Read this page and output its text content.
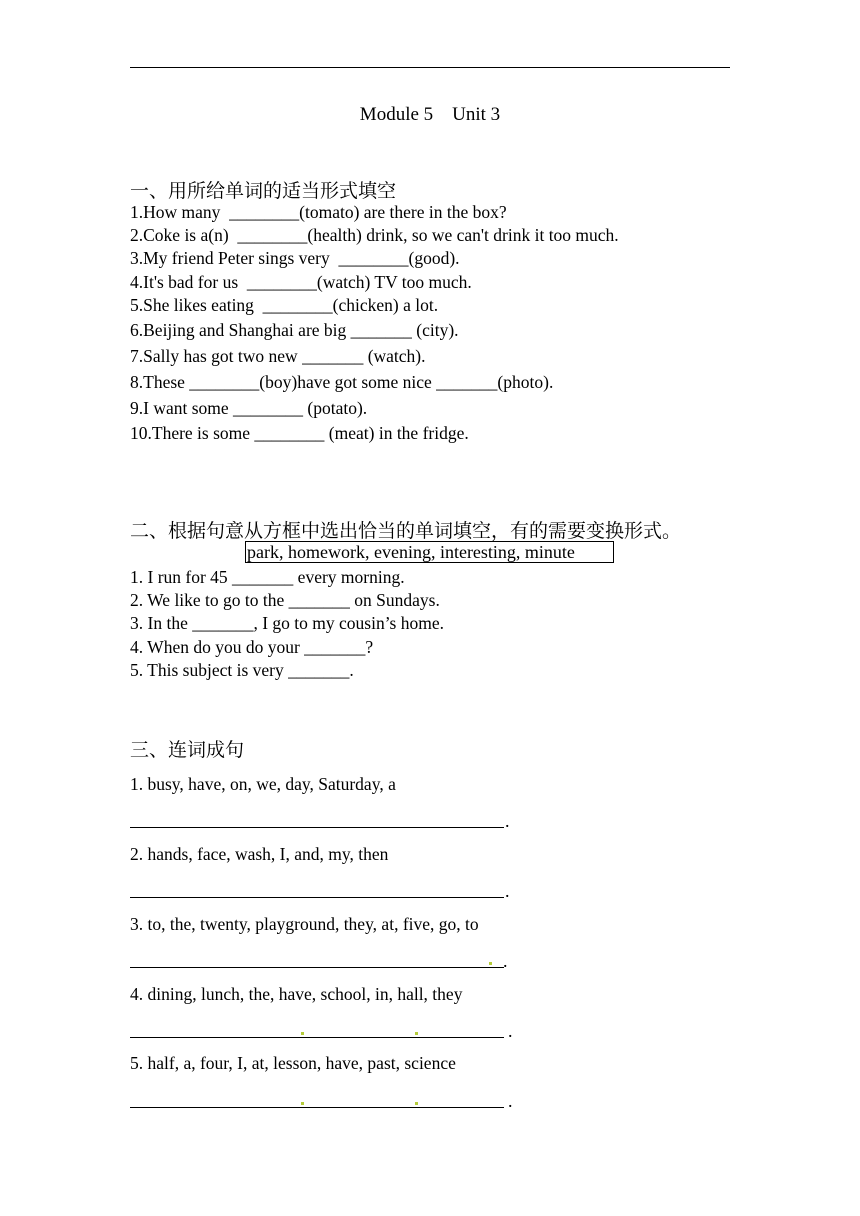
Module 5    Unit 3
一、用所给单词的适当形式填空
1.How many  ________(tomato) are there in the box?
2.Coke is a(n)  ________(health) drink, so we can't drink it too much.
3.My friend Peter sings very  ________(good).
4.It's bad for us  ________(watch) TV too much.
5.She likes eating  ________(chicken) a lot.
6.Beijing and Shanghai are big _______ (city).
7.Sally has got two new _______ (watch).
8.These ________(boy)have got some nice _______(photo).
9.I want some ________ (potato).
10.There is some ________ (meat) in the fridge.
二、根据句意从方框中选出恰当的单词填空，有的需要变换形式。
park, homework, evening, interesting, minute
1. I run for 45 _______ every morning.
2. We like to go to the _______ on Sundays.
3. In the _______, I go to my cousin’s home.
4. When do you do your _______?
5. This subject is very _______.
三、连词成句
1. busy, have, on, we, day, Saturday, a
.
2. hands, face, wash, I, and, my, then
.
3. to, the, twenty, playground, they, at, five, go, to
.
4. dining, lunch, the, have, school, in, hall, they
.
5. half, a, four, I, at, lesson, have, past, science
.
